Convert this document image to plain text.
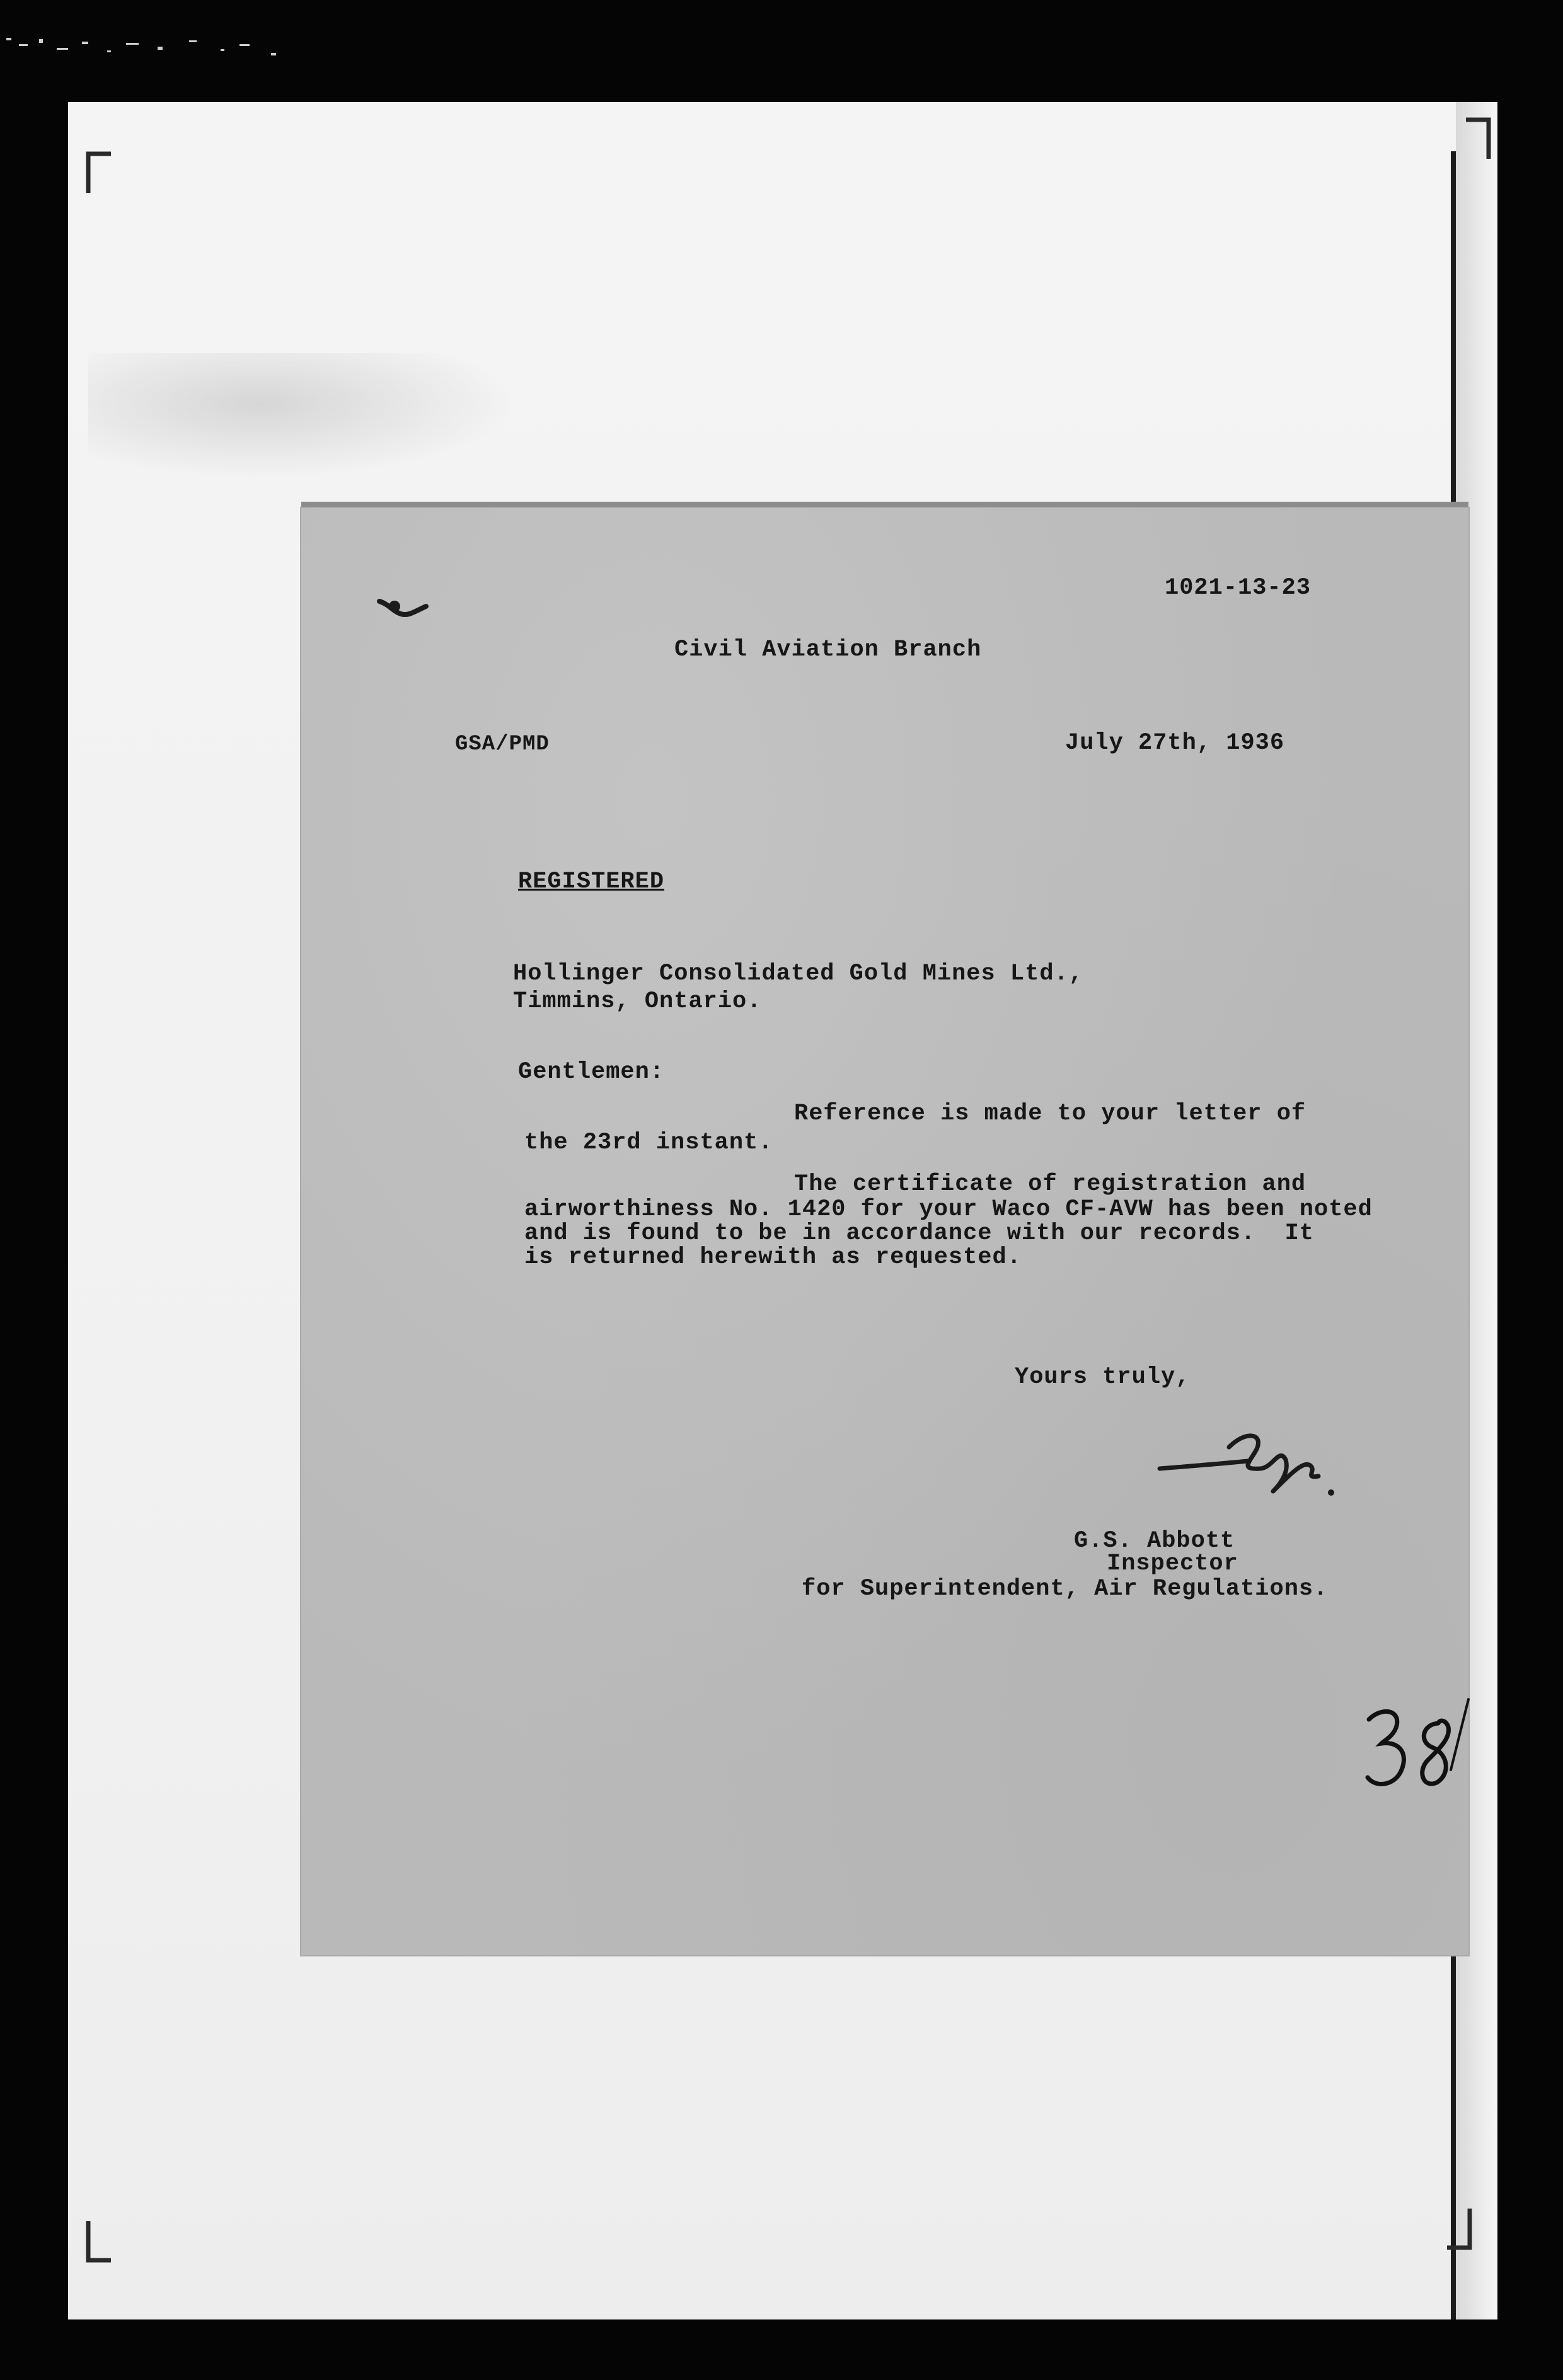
1021-13-23
Civil Aviation Branch
GSA/PMD	July 27th, 1936
REGISTERED
Hollinger Consolidated Gold Mines Ltd.,
Timmins, Ontario.
Gentlemen:
Reference is made to your letter of
the 23rd instant.
The certificate of registration and
airworthiness No. 1420 for your Waco CF-AVW has been noted
and is found to be in accordance with our records.  It
is returned herewith as requested.
Yours truly,
G.S. Abbott
Inspector
for Superintendent, Air Regulations.
